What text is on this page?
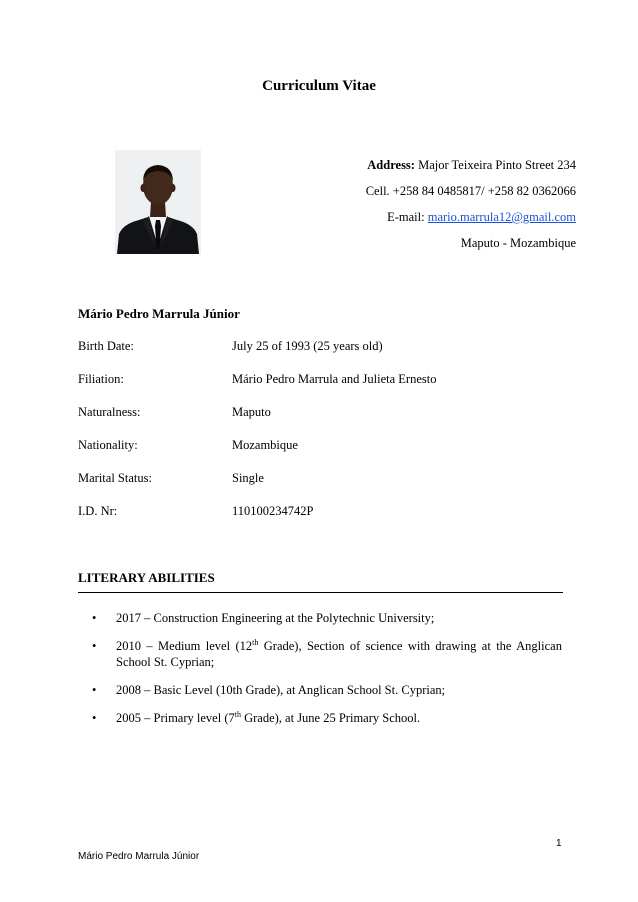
Curriculum Vitae
Address: Major Teixeira Pinto Street 234
Cell. +258 84 0485817/ +258 82 0362066
E-mail: mario.marrula12@gmail.com
Maputo - Mozambique
Mário Pedro Marrula Júnior
Birth Date:	July 25 of 1993 (25 years old)
Filiation:	Mário Pedro Marrula and Julieta Ernesto
Naturalness:	Maputo
Nationality:	Mozambique
Marital Status:	Single
I.D. Nr:	110100234742P
LITERARY ABILITIES
• 2017 – Construction Engineering at the Polytechnic University;
• 2010 – Medium level (12th Grade), Section of science with drawing at the Anglican School St. Cyprian;
• 2008 – Basic Level (10th Grade), at Anglican School St. Cyprian;
• 2005 – Primary level (7th Grade), at June 25 Primary School.
1
Mário Pedro Marrula Júnior
